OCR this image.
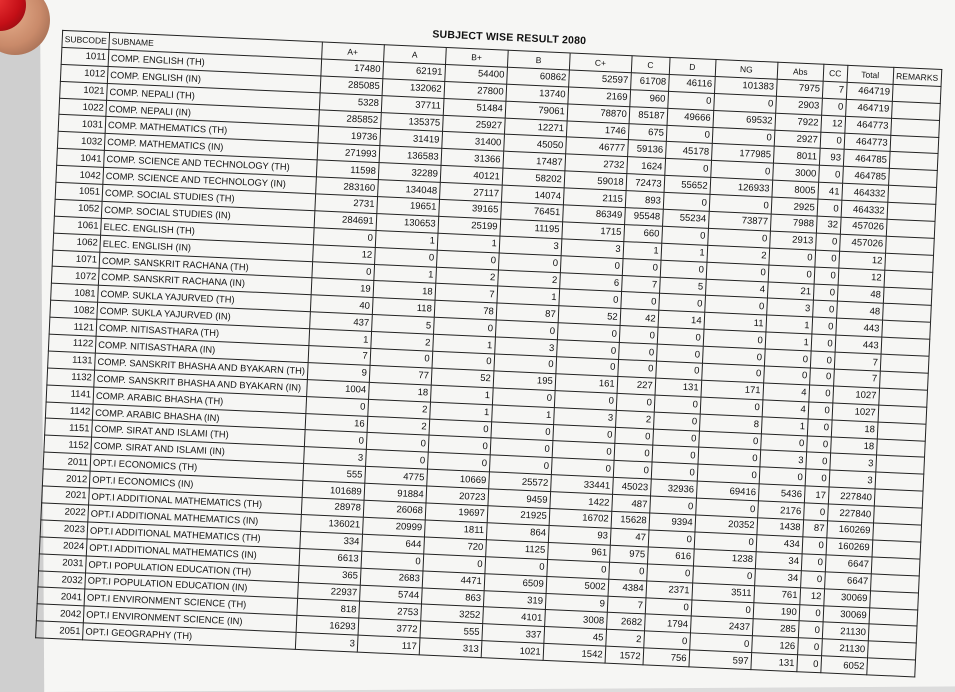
SUBJECT WISE RESULT 2080
SUBCODE	SUBNAME	A+	A	B+	B	C+	C	D	NG	Abs	CC	Total	REMARKS
1011	COMP. ENGLISH (TH)	17480	62191	54400	60862	52597	61708	46116	101383	7975	7	464719	
1012	COMP. ENGLISH (IN)	285085	132062	27800	13740	2169	960	0	0	2903	0	464719	
1021	COMP. NEPALI (TH)	5328	37711	51484	79061	78870	85187	49666	69532	7922	12	464773	
1022	COMP. NEPALI (IN)	285852	135375	25927	12271	1746	675	0	0	2927	0	464773	
1031	COMP. MATHEMATICS (TH)	19736	31419	31400	45050	46777	59136	45178	177985	8011	93	464785	
1032	COMP. MATHEMATICS (IN)	271993	136583	31366	17487	2732	1624	0	0	3000	0	464785	
1041	COMP. SCIENCE AND TECHNOLOGY (TH)	11598	32289	40121	58202	59018	72473	55652	126933	8005	41	464332	
1042	COMP. SCIENCE AND TECHNOLOGY (IN)	283160	134048	27117	14074	2115	893	0	0	2925	0	464332	
1051	COMP. SOCIAL STUDIES (TH)	2731	19651	39165	76451	86349	95548	55234	73877	7988	32	457026	
1052	COMP. SOCIAL STUDIES (IN)	284691	130653	25199	11195	1715	660	0	0	2913	0	457026	
1061	ELEC. ENGLISH (TH)	0	1	1	3	3	1	1	2	0	0	12	
1062	ELEC. ENGLISH (IN)	12	0	0	0	0	0	0	0	0	0	12	
1071	COMP. SANSKRIT RACHANA (TH)	0	1	2	2	6	7	5	4	21	0	48	
1072	COMP. SANSKRIT RACHANA (IN)	19	18	7	1	0	0	0	0	3	0	48	
1081	COMP. SUKLA YAJURVED (TH)	40	118	78	87	52	42	14	11	1	0	443	
1082	COMP. SUKLA YAJURVED (IN)	437	5	0	0	0	0	0	0	1	0	443	
1121	COMP. NITISASTHARA (TH)	1	2	1	3	0	0	0	0	0	0	7	
1122	COMP. NITISASTHARA (IN)	7	0	0	0	0	0	0	0	0	0	7	
1131	COMP. SANSKRIT BHASHA AND BYAKARN (TH)	9	77	52	195	161	227	131	171	4	0	1027	
1132	COMP. SANSKRIT BHASHA AND BYAKARN (IN)	1004	18	1	0	0	0	0	0	4	0	1027	
1141	COMP. ARABIC BHASHA (TH)	0	2	1	1	3	2	0	8	1	0	18	
1142	COMP. ARABIC BHASHA (IN)	16	2	0	0	0	0	0	0	0	0	18	
1151	COMP. SIRAT AND ISLAMI (TH)	0	0	0	0	0	0	0	0	3	0	3	
1152	COMP. SIRAT AND ISLAMI (IN)	3	0	0	0	0	0	0	0	0	0	3	
2011	OPT.I ECONOMICS (TH)	555	4775	10669	25572	33441	45023	32936	69416	5436	17	227840	
2012	OPT.I ECONOMICS (IN)	101689	91884	20723	9459	1422	487	0	0	2176	0	227840	
2021	OPT.I ADDITIONAL MATHEMATICS (TH)	28978	26068	19697	21925	16702	15628	9394	20352	1438	87	160269	
2022	OPT.I ADDITIONAL MATHEMATICS (IN)	136021	20999	1811	864	93	47	0	0	434	0	160269	
2023	OPT.I ADDITIONAL MATHEMATICS (TH)	334	644	720	1125	961	975	616	1238	34	0	6647	
2024	OPT.I ADDITIONAL MATHEMATICS (IN)	6613	0	0	0	0	0	0	0	34	0	6647	
2031	OPT.I POPULATION EDUCATION (TH)	365	2683	4471	6509	5002	4384	2371	3511	761	12	30069	
2032	OPT.I POPULATION EDUCATION (IN)	22937	5744	863	319	9	7	0	0	190	0	30069	
2041	OPT.I ENVIRONMENT SCIENCE (TH)	818	2753	3252	4101	3008	2682	1794	2437	285	0	21130	
2042	OPT.I ENVIRONMENT SCIENCE (IN)	16293	3772	555	337	45	2	0	0	126	0	21130	
2051	OPT.I GEOGRAPHY (TH)	3	117	313	1021	1542	1572	756	597	131	0	6052	
